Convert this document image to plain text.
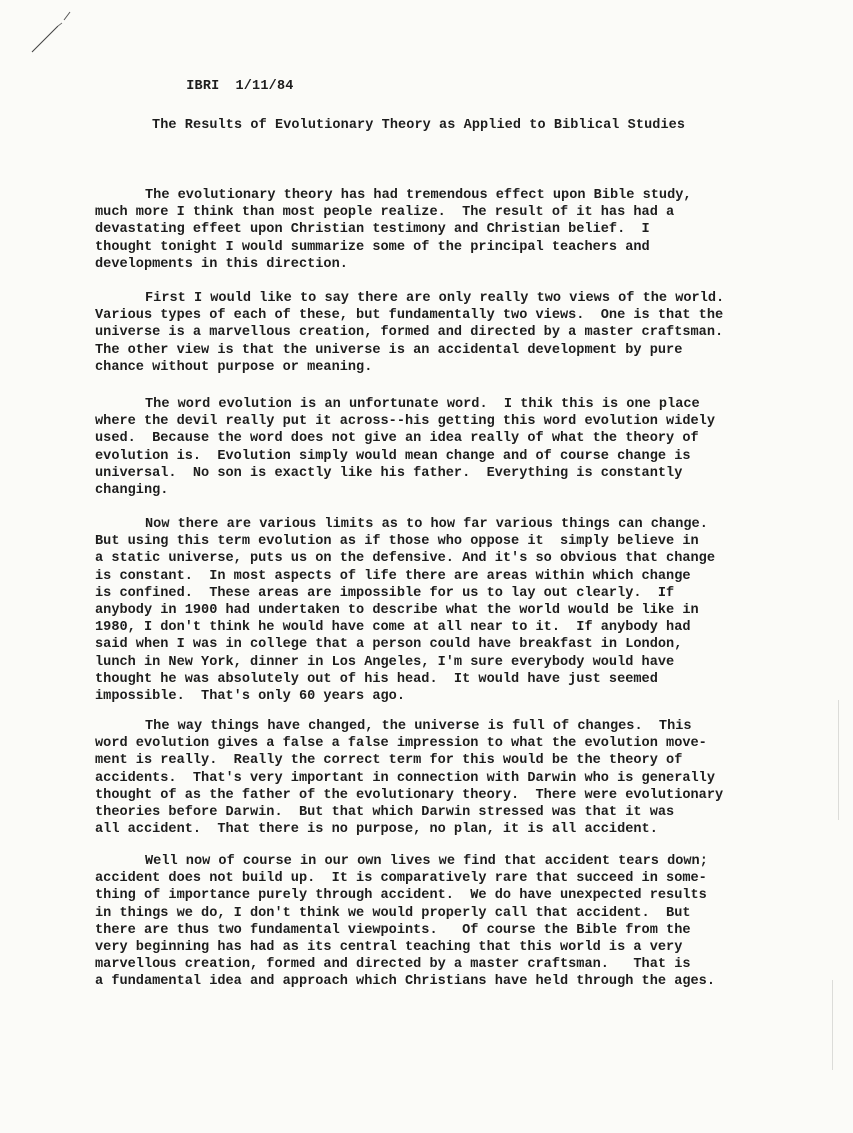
IBRI 1/11/84

The Results of Evolutionary Theory as Applied to Biblical Studies
The evolutionary theory has had tremendous effect upon Bible study,
much more I think than most people realize.  The result of it has had a
devastating effeet upon Christian testimony and Christian belief.  I
thought tonight I would summarize some of the principal teachers and
developments in this direction.
First I would like to say there are only really two views of the world.
Various types of each of these, but fundamentally two views.  One is that the
universe is a marvellous creation, formed and directed by a master craftsman.
The other view is that the universe is an accidental development by pure
chance without purpose or meaning.
The word evolution is an unfortunate word.  I thik this is one place
where the devil really put it across--his getting this word evolution widely
used.  Because the word does not give an idea really of what the theory of
evolution is.  Evolution simply would mean change and of course change is
universal.  No son is exactly like his father.  Everything is constantly
changing.
Now there are various limits as to how far various things can change.
But using this term evolution as if those who oppose it  simply believe in
a static universe, puts us on the defensive. And it's so obvious that change
is constant.  In most aspects of life there are areas within which change
is confined.  These areas are impossible for us to lay out clearly.  If
anybody in 1900 had undertaken to describe what the world would be like in
1980, I don't think he would have come at all near to it.  If anybody had
said when I was in college that a person could have breakfast in London,
lunch in New York, dinner in Los Angeles, I'm sure everybody would have
thought he was absolutely out of his head.  It would have just seemed
impossible.  That's only 60 years ago.
The way things have changed, the universe is full of changes.  This
word evolution gives a false a false impression to what the evolution move-
ment is really.  Really the correct term for this would be the theory of
accidents.  That's very important in connection with Darwin who is generally
thought of as the father of the evolutionary theory.  There were evolutionary
theories before Darwin.  But that which Darwin stressed was that it was
all accident.  That there is no purpose, no plan, it is all accident.
Well now of course in our own lives we find that accident tears down;
accident does not build up.  It is comparatively rare that succeed in some-
thing of importance purely through accident.  We do have unexpected results
in things we do, I don't think we would properly call that accident.  But
there are thus two fundamental viewpoints.   Of course the Bible from the
very beginning has had as its central teaching that this world is a very
marvellous creation, formed and directed by a master craftsman.   That is
a fundamental idea and approach which Christians have held through the ages.
